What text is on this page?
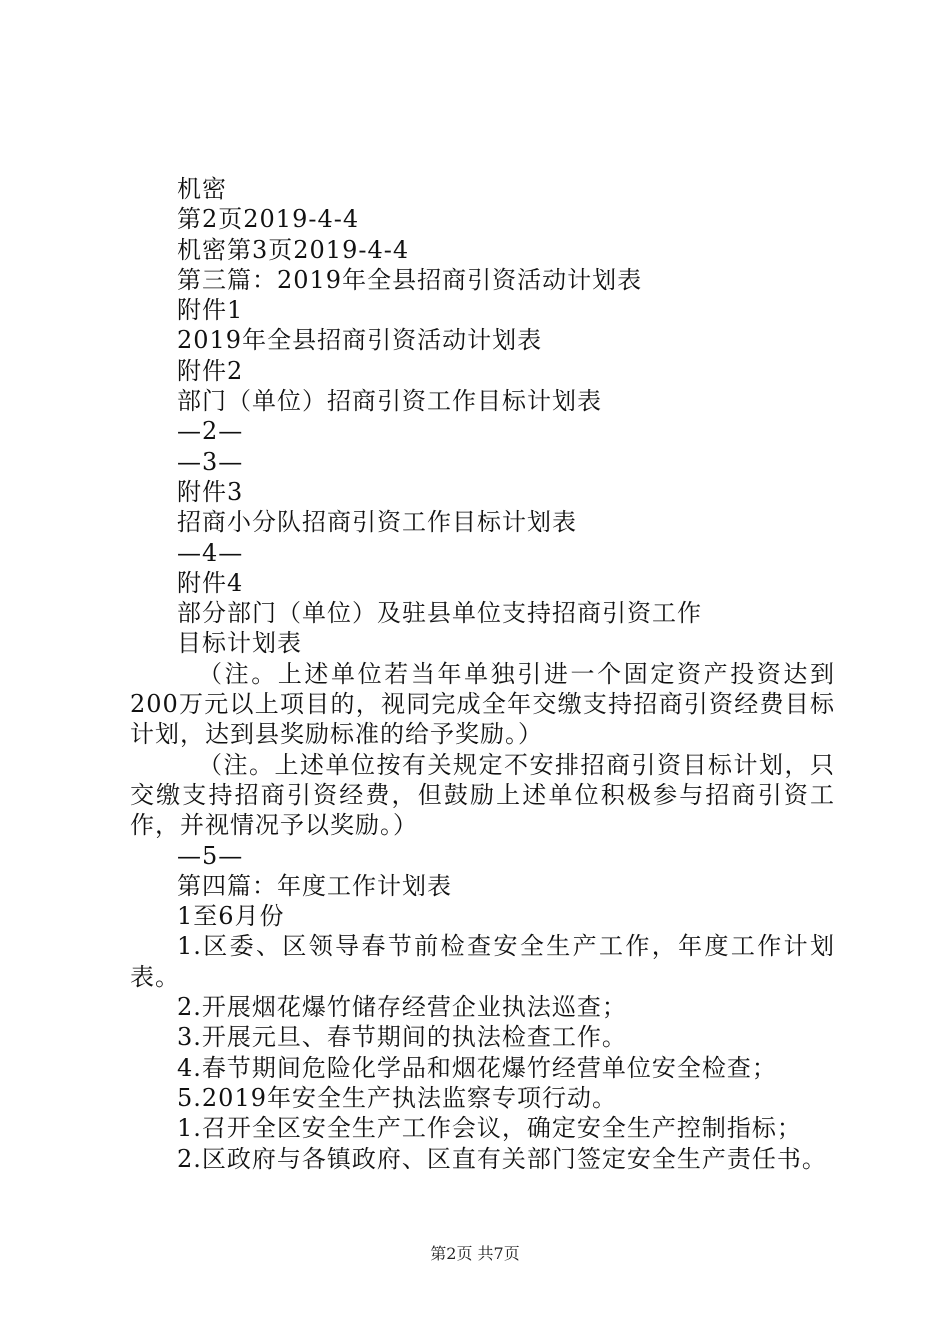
机密

第2页2019-4-4

机密第3页2019-4-4

第三篇：2019年全县招商引资活动计划表

附件1

2019年全县招商引资活动计划表

附件2

部门（单位）招商引资工作目标计划表

—2—

—3—

附件3

招商小分队招商引资工作目标计划表

—4—

附件4

部分部门（单位）及驻县单位支持招商引资工作

目标计划表

（注。上述单位若当年单独引进一个固定资产投资达到200万元以上项目的，视同完成全年交缴支持招商引资经费目标计划，达到县奖励标准的给予奖励。）

（注。上述单位按有关规定不安排招商引资目标计划，只交缴支持招商引资经费，但鼓励上述单位积极参与招商引资工作，并视情况予以奖励。）

—5—

第四篇：年度工作计划表

1至6月份

1.区委、区领导春节前检查安全生产工作，年度工作计划表。

2.开展烟花爆竹储存经营企业执法巡查；

3.开展元旦、春节期间的执法检查工作。

4.春节期间危险化学品和烟花爆竹经营单位安全检查；

5.2019年安全生产执法监察专项行动。

1.召开全区安全生产工作会议，确定安全生产控制指标；

2.区政府与各镇政府、区直有关部门签定安全生产责任书。

第2页 共7页
